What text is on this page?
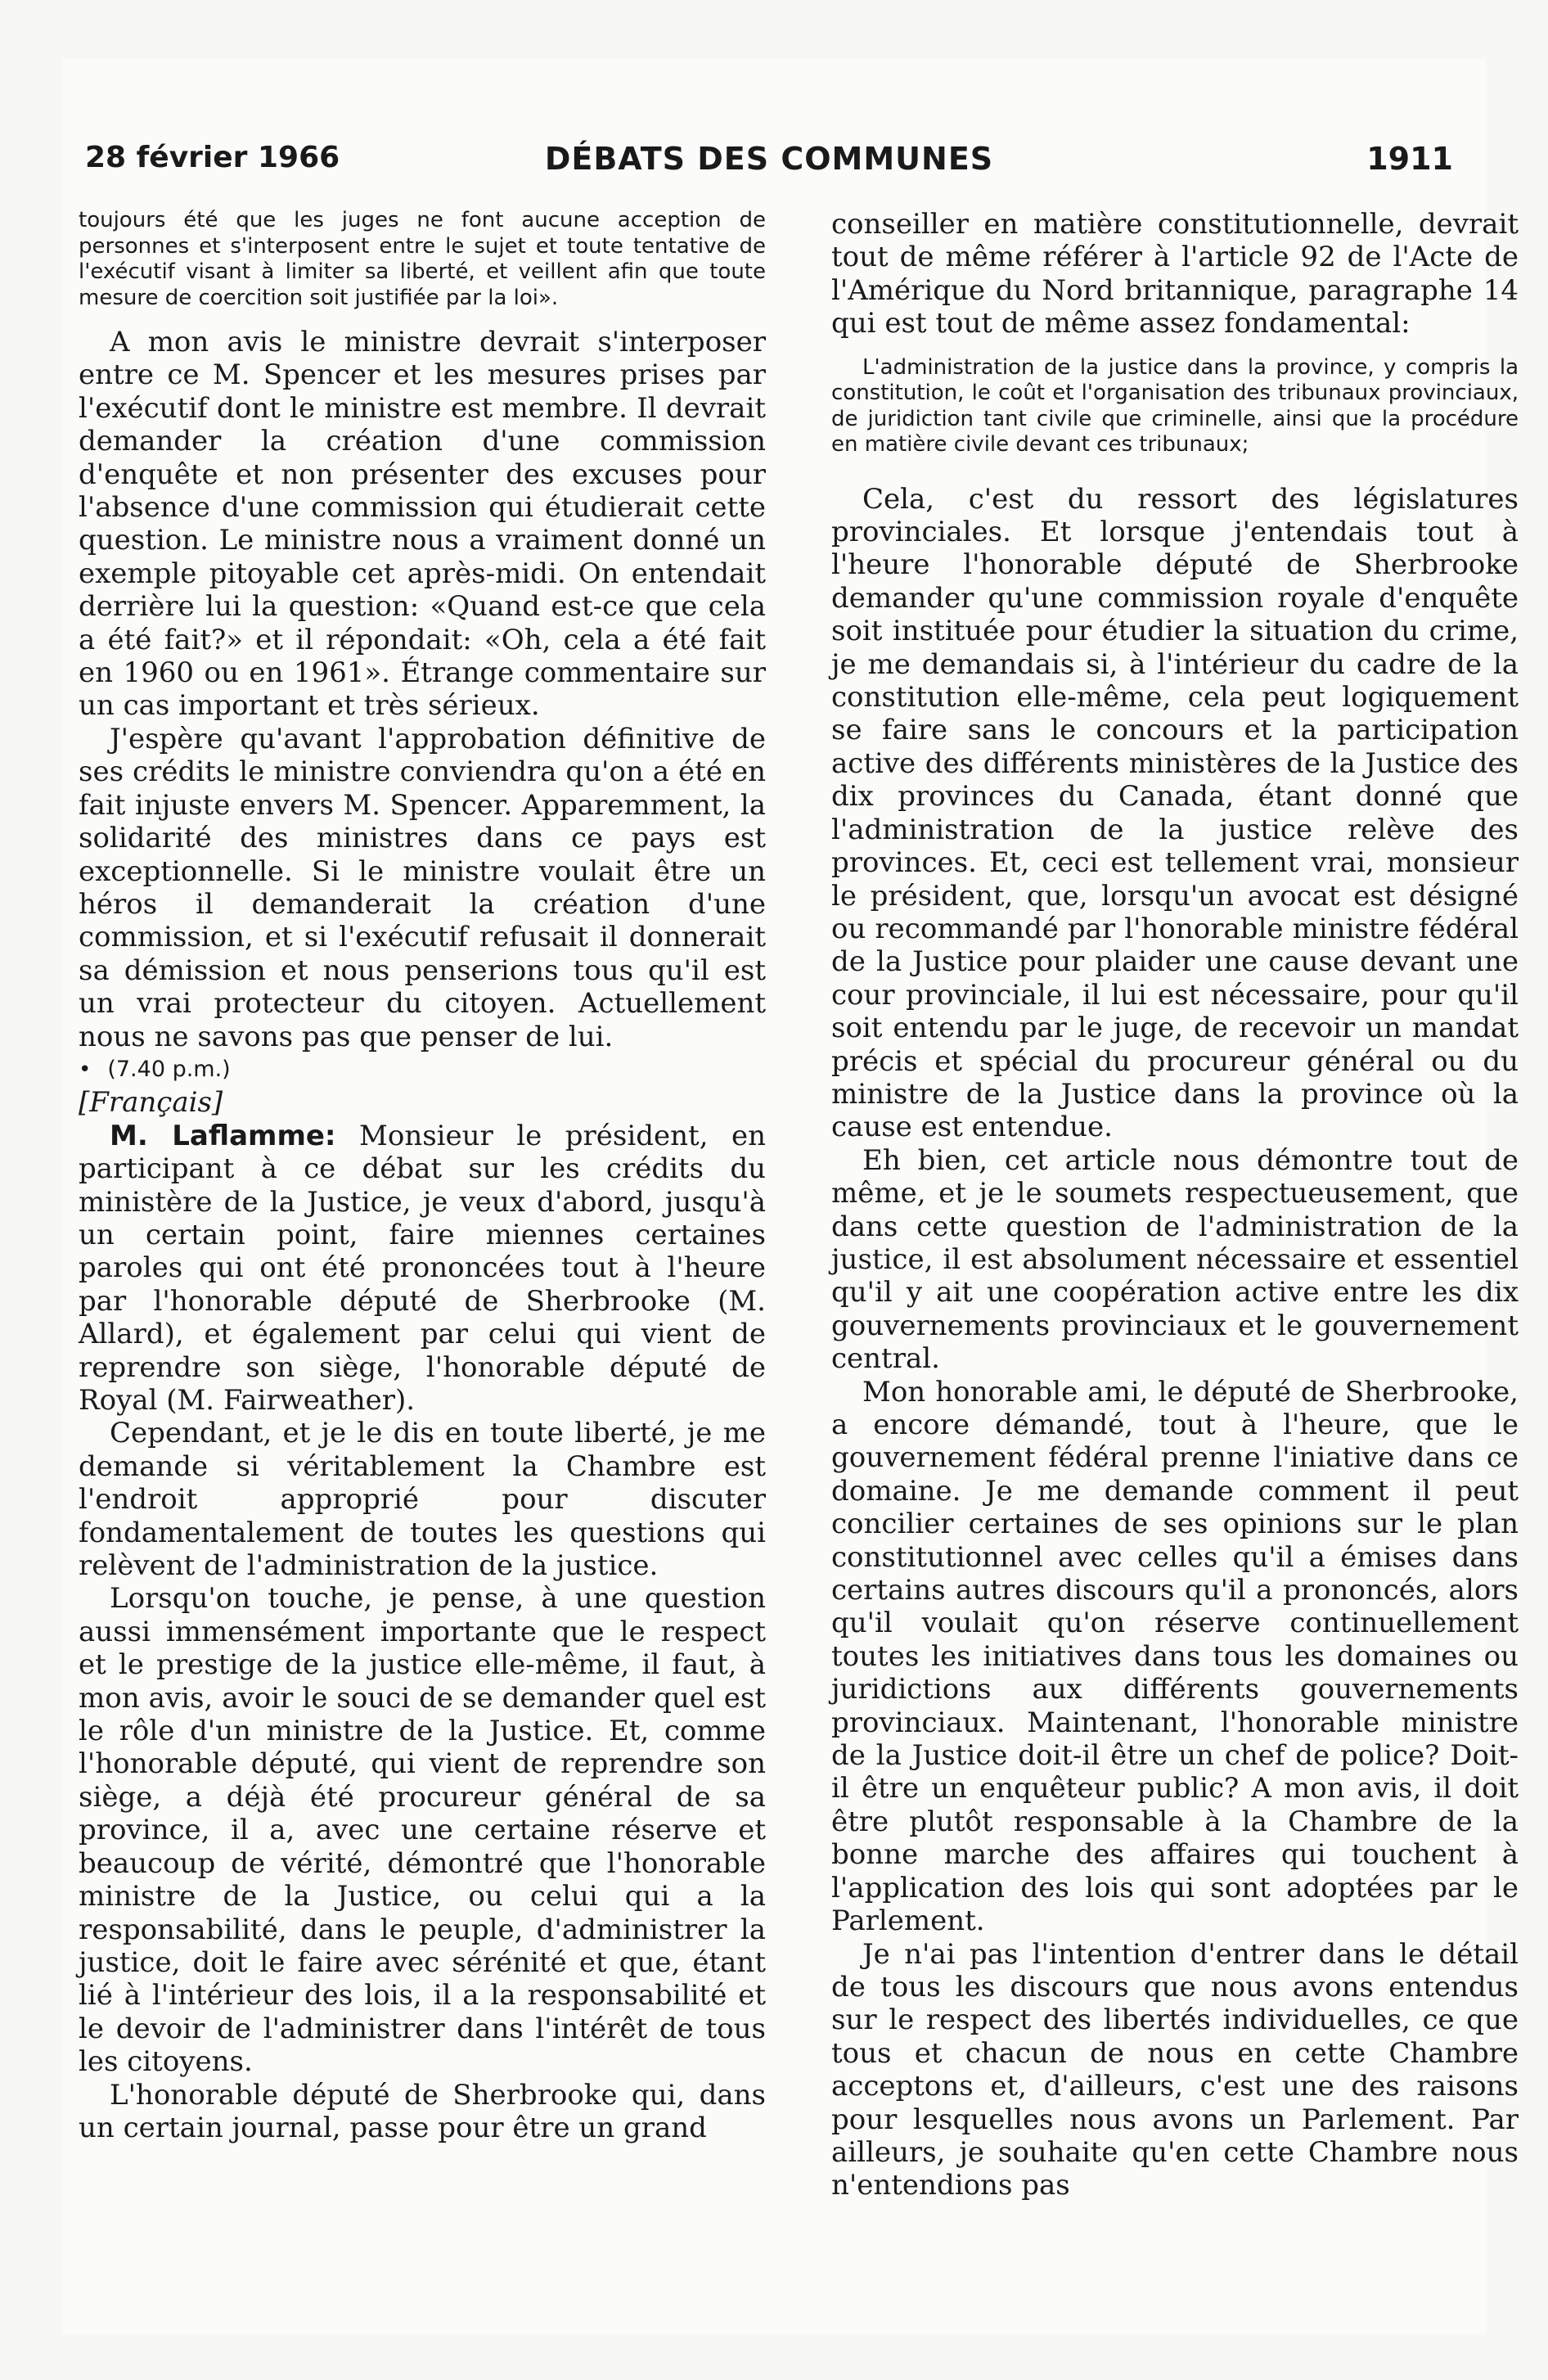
28 février 1966	DÉBATS DES COMMUNES	1911

toujours été que les juges ne font aucune acception de personnes et s'interposent entre le sujet et toute tentative de l'exécutif visant à limiter sa liberté, et veillent afin que toute mesure de coercition soit justifiée par la loi».

A mon avis le ministre devrait s'interposer entre ce M. Spencer et les mesures prises par l'exécutif dont le ministre est membre. Il devrait demander la création d'une commission d'enquête et non présenter des excuses pour l'absence d'une commission qui étudierait cette question. Le ministre nous a vraiment donné un exemple pitoyable cet après-midi. On entendait derrière lui la question: «Quand est-ce que cela a été fait?» et il répondait: «Oh, cela a été fait en 1960 ou en 1961». Étrange commentaire sur un cas important et très sérieux.

J'espère qu'avant l'approbation définitive de ses crédits le ministre conviendra qu'on a été en fait injuste envers M. Spencer. Apparemment, la solidarité des ministres dans ce pays est exceptionnelle. Si le ministre voulait être un héros il demanderait la création d'une commission, et si l'exécutif refusait il donnerait sa démission et nous penserions tous qu'il est un vrai protecteur du citoyen. Actuellement nous ne savons pas que penser de lui.

• (7.40 p.m.)

[Français]

M. Laflamme: Monsieur le président, en participant à ce débat sur les crédits du ministère de la Justice, je veux d'abord, jusqu'à un certain point, faire miennes certaines paroles qui ont été prononcées tout à l'heure par l'honorable député de Sherbrooke (M. Allard), et également par celui qui vient de reprendre son siège, l'honorable député de Royal (M. Fairweather).

Cependant, et je le dis en toute liberté, je me demande si véritablement la Chambre est l'endroit approprié pour discuter fondamentalement de toutes les questions qui relèvent de l'administration de la justice.

Lorsqu'on touche, je pense, à une question aussi immensément importante que le respect et le prestige de la justice elle-même, il faut, à mon avis, avoir le souci de se demander quel est le rôle d'un ministre de la Justice. Et, comme l'honorable député, qui vient de reprendre son siège, a déjà été procureur général de sa province, il a, avec une certaine réserve et beaucoup de vérité, démontré que l'honorable ministre de la Justice, ou celui qui a la responsabilité, dans le peuple, d'administrer la justice, doit le faire avec sérénité et que, étant lié à l'intérieur des lois, il a la responsabilité et le devoir de l'administrer dans l'intérêt de tous les citoyens.

L'honorable député de Sherbrooke qui, dans un certain journal, passe pour être un grand

conseiller en matière constitutionnelle, devrait tout de même référer à l'article 92 de l'Acte de l'Amérique du Nord britannique, paragraphe 14 qui est tout de même assez fondamental:

L'administration de la justice dans la province, y compris la constitution, le coût et l'organisation des tribunaux provinciaux, de juridiction tant civile que criminelle, ainsi que la procédure en matière civile devant ces tribunaux;

Cela, c'est du ressort des législatures provinciales. Et lorsque j'entendais tout à l'heure l'honorable député de Sherbrooke demander qu'une commission royale d'enquête soit instituée pour étudier la situation du crime, je me demandais si, à l'intérieur du cadre de la constitution elle-même, cela peut logiquement se faire sans le concours et la participation active des différents ministères de la Justice des dix provinces du Canada, étant donné que l'administration de la justice relève des provinces. Et, ceci est tellement vrai, monsieur le président, que, lorsqu'un avocat est désigné ou recommandé par l'honorable ministre fédéral de la Justice pour plaider une cause devant une cour provinciale, il lui est nécessaire, pour qu'il soit entendu par le juge, de recevoir un mandat précis et spécial du procureur général ou du ministre de la Justice dans la province où la cause est entendue.

Eh bien, cet article nous démontre tout de même, et je le soumets respectueusement, que dans cette question de l'administration de la justice, il est absolument nécessaire et essentiel qu'il y ait une coopération active entre les dix gouvernements provinciaux et le gouvernement central.

Mon honorable ami, le député de Sherbrooke, a encore démandé, tout à l'heure, que le gouvernement fédéral prenne l'iniative dans ce domaine. Je me demande comment il peut concilier certaines de ses opinions sur le plan constitutionnel avec celles qu'il a émises dans certains autres discours qu'il a prononcés, alors qu'il voulait qu'on réserve continuellement toutes les initiatives dans tous les domaines ou juridictions aux différents gouvernements provinciaux. Maintenant, l'honorable ministre de la Justice doit-il être un chef de police? Doit-il être un enquêteur public? A mon avis, il doit être plutôt responsable à la Chambre de la bonne marche des affaires qui touchent à l'application des lois qui sont adoptées par le Parlement.

Je n'ai pas l'intention d'entrer dans le détail de tous les discours que nous avons entendus sur le respect des libertés individuelles, ce que tous et chacun de nous en cette Chambre acceptons et, d'ailleurs, c'est une des raisons pour lesquelles nous avons un Parlement. Par ailleurs, je souhaite qu'en cette Chambre nous n'entendions pas
